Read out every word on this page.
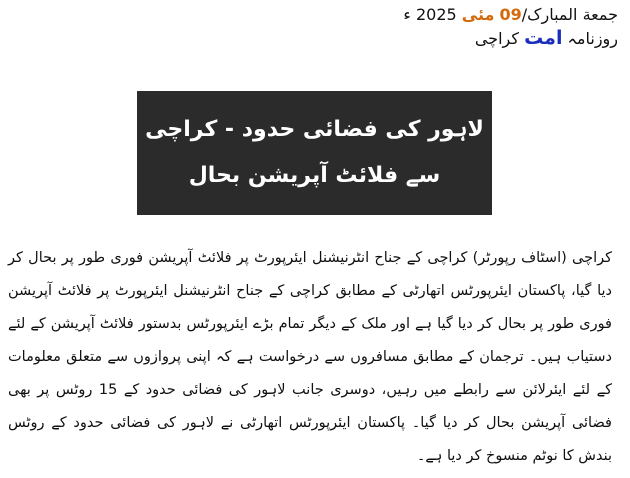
جمعة المبارک/09 مئی 2025 ء
روزنامہ امت کراچی
لاہور کی فضائی حدود - کراچی
سے فلائٹ آپریشن بحال
کراچی (اسٹاف رپورٹر) کراچی کے جناح انٹرنیشنل ایئرپورٹ پر فلائٹ آپریشن فوری طور پر بحال کر دیا گیا، پاکستان ایئرپورٹس اتھارٹی کے مطابق کراچی کے جناح انٹرنیشنل ایئرپورٹ پر فلائٹ آپریشن فوری طور پر بحال کر دیا گیا ہے اور ملک کے دیگر تمام بڑے ایئرپورٹس بدستور فلائٹ آپریشن کے لئے دستیاب ہیں۔ ترجمان کے مطابق مسافروں سے درخواست ہے کہ اپنی پروازوں سے متعلق معلومات کے لئے ایئرلائن سے رابطے میں رہیں، دوسری جانب لاہور کی فضائی حدود کے 15 روٹس پر بھی فضائی آپریشن بحال کر دیا گیا۔ پاکستان ایئرپورٹس اتھارٹی نے لاہور کی فضائی حدود کے روٹس بندش کا نوٹم منسوخ کر دیا ہے۔
